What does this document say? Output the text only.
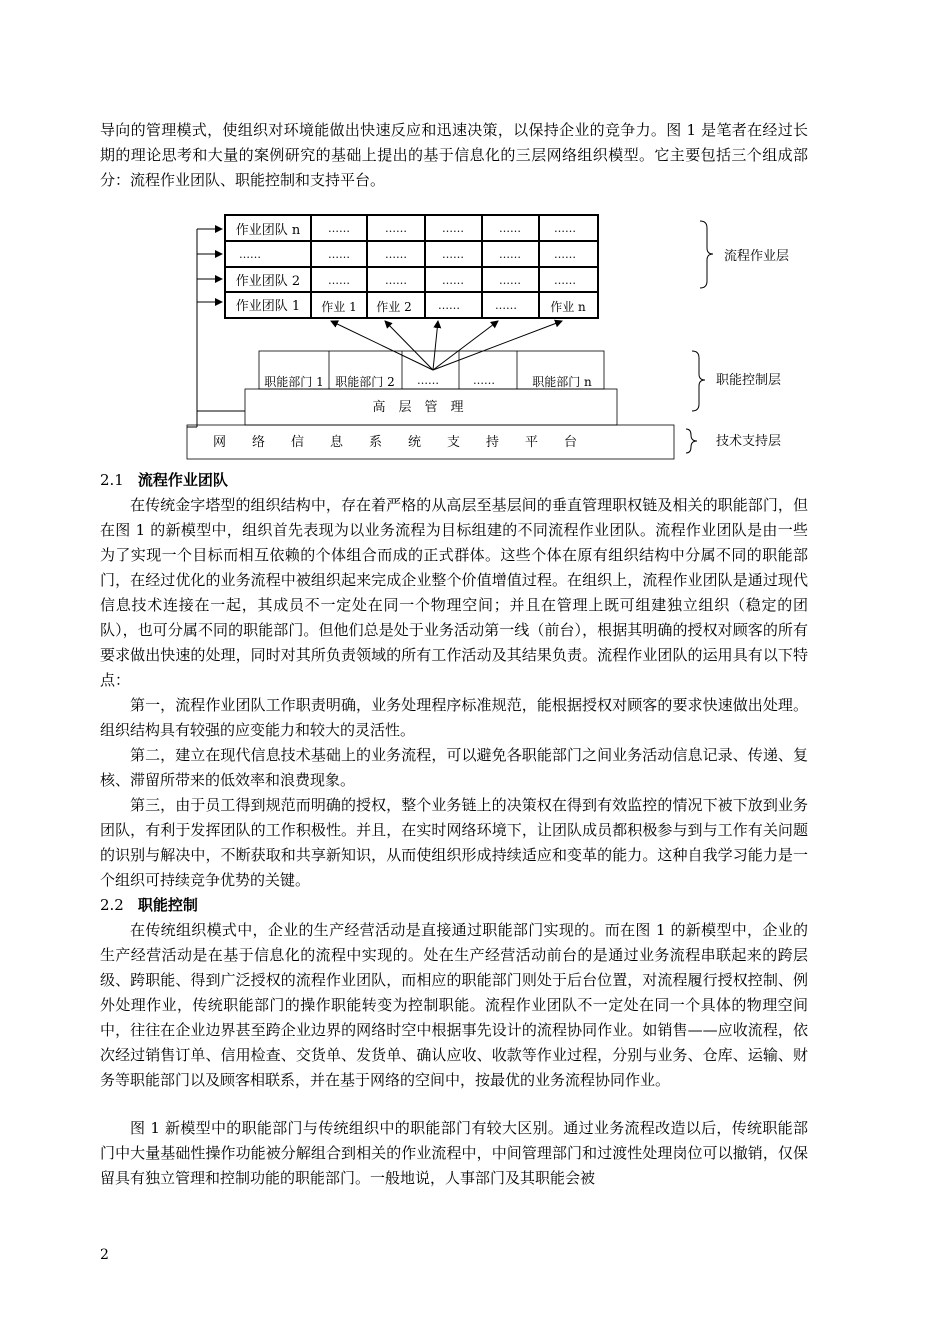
导向的管理模式，使组织对环境能做出快速反应和迅速决策，以保持企业的竞争力。图 1 是笔者在经过长期的理论思考和大量的案例研究的基础上提出的基于信息化的三层网络组织模型。它主要包括三个组成部分：流程作业团队、职能控制和支持平台。

作业团队 n	……	……	……	……	……
……	……	……	……	……	……
作业团队 2	……	……	……	……	……
作业团队 1 作业 1 作业 2 ……	……	作业 n
职能部门 1 职能部门 2 ……	……	职能部门 n
高　层　管　理
网　　络　　信　　息　　系　　统　　支　　持　　平　　台
流程作业层
职能控制层
技术支持层
2.1 流程作业团队

在传统金字塔型的组织结构中，存在着严格的从高层至基层间的垂直管理职权链及相关的职能部门，但在图 1 的新模型中，组织首先表现为以业务流程为目标组建的不同流程作业团队。流程作业团队是由一些为了实现一个目标而相互依赖的个体组合而成的正式群体。这些个体在原有组织结构中分属不同的职能部门，在经过优化的业务流程中被组织起来完成企业整个价值增值过程。在组织上，流程作业团队是通过现代信息技术连接在一起，其成员不一定处在同一个物理空间；并且在管理上既可组建独立组织（稳定的团队），也可分属不同的职能部门。但他们总是处于业务活动第一线（前台），根据其明确的授权对顾客的所有要求做出快速的处理，同时对其所负责领域的所有工作活动及其结果负责。流程作业团队的运用具有以下特点：

第一，流程作业团队工作职责明确，业务处理程序标准规范，能根据授权对顾客的要求快速做出处理。组织结构具有较强的应变能力和较大的灵活性。

第二，建立在现代信息技术基础上的业务流程，可以避免各职能部门之间业务活动信息记录、传递、复核、滞留所带来的低效率和浪费现象。

第三，由于员工得到规范而明确的授权，整个业务链上的决策权在得到有效监控的情况下被下放到业务团队，有利于发挥团队的工作积极性。并且，在实时网络环境下，让团队成员都积极参与到与工作有关问题的识别与解决中，不断获取和共享新知识，从而使组织形成持续适应和变革的能力。这种自我学习能力是一个组织可持续竞争优势的关键。

2.2 职能控制

在传统组织模式中，企业的生产经营活动是直接通过职能部门实现的。而在图 1 的新模型中，企业的生产经营活动是在基于信息化的流程中实现的。处在生产经营活动前台的是通过业务流程串联起来的跨层级、跨职能、得到广泛授权的流程作业团队，而相应的职能部门则处于后台位置，对流程履行授权控制、例外处理作业，传统职能部门的操作职能转变为控制职能。流程作业团队不一定处在同一个具体的物理空间中，往往在企业边界甚至跨企业边界的网络时空中根据事先设计的流程协同作业。如销售——应收流程，依次经过销售订单、信用检查、交货单、发货单、确认应收、收款等作业过程，分别与业务、仓库、运输、财务等职能部门以及顾客相联系，并在基于网络的空间中，按最优的业务流程协同作业。

图 1 新模型中的职能部门与传统组织中的职能部门有较大区别。通过业务流程改造以后，传统职能部门中大量基础性操作功能被分解组合到相关的作业流程中，中间管理部门和过渡性处理岗位可以撤销，仅保留具有独立管理和控制功能的职能部门。一般地说，人事部门及其职能会被

2
